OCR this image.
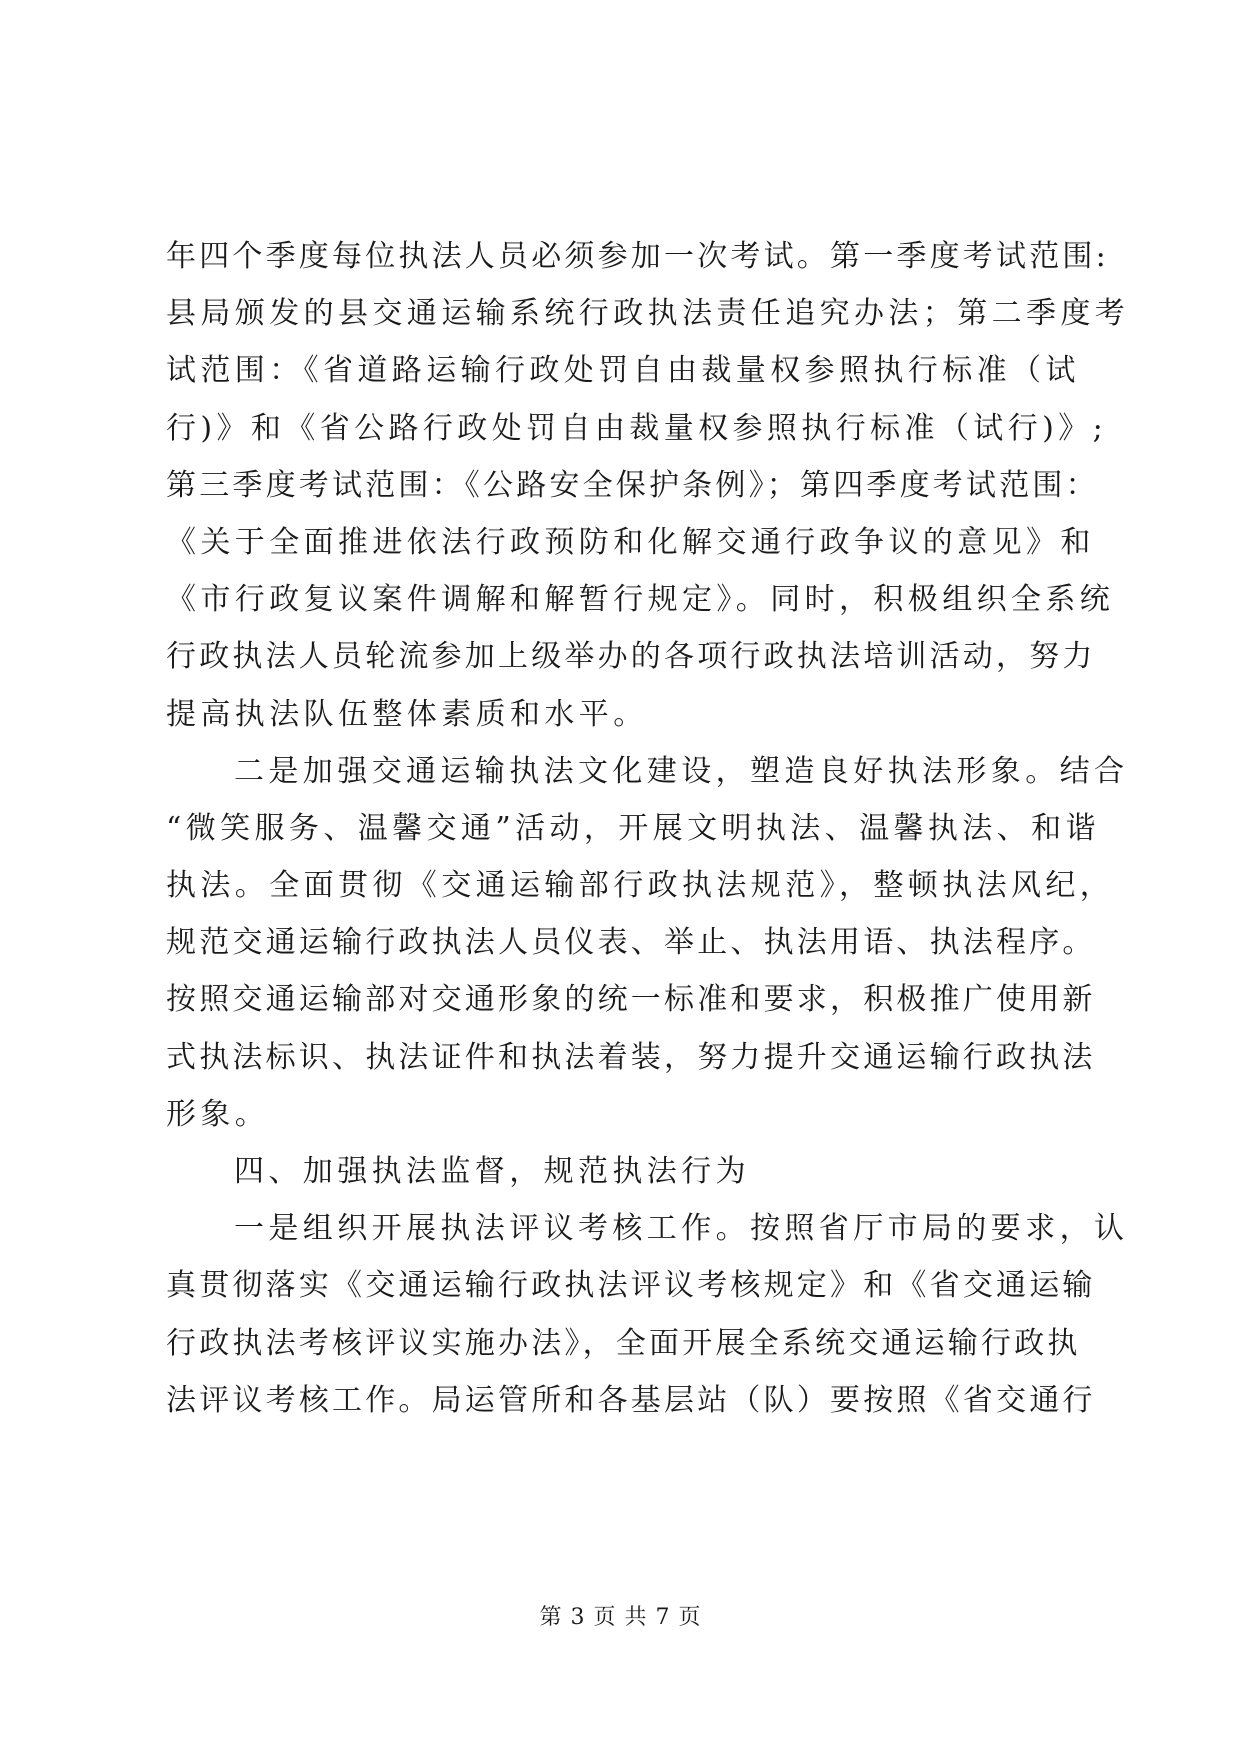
年四个季度每位执法人员必须参加一次考试。第一季度考试范围:
县局颁发的县交通运输系统行政执法责任追究办法；第二季度考
试范围：《省道路运输行政处罚自由裁量权参照执行标准（试
行)》和《省公路行政处罚自由裁量权参照执行标准（试行)》;
第三季度考试范围：《公路安全保护条例》；第四季度考试范围：
《关于全面推进依法行政预防和化解交通行政争议的意见》和
《市行政复议案件调解和解暂行规定》。同时，积极组织全系统
行政执法人员轮流参加上级举办的各项行政执法培训活动，努力
提高执法队伍整体素质和水平。
二是加强交通运输执法文化建设，塑造良好执法形象。结合
“微笑服务、温馨交通”活动，开展文明执法、温馨执法、和谐
执法。全面贯彻《交通运输部行政执法规范》，整顿执法风纪，
规范交通运输行政执法人员仪表、举止、执法用语、执法程序。
按照交通运输部对交通形象的统一标准和要求，积极推广使用新
式执法标识、执法证件和执法着装，努力提升交通运输行政执法
形象。
四、加强执法监督，规范执法行为
一是组织开展执法评议考核工作。按照省厅市局的要求，认
真贯彻落实《交通运输行政执法评议考核规定》和《省交通运输
行政执法考核评议实施办法》，全面开展全系统交通运输行政执
法评议考核工作。局运管所和各基层站（队）要按照《省交通行
第 3 页 共 7 页
